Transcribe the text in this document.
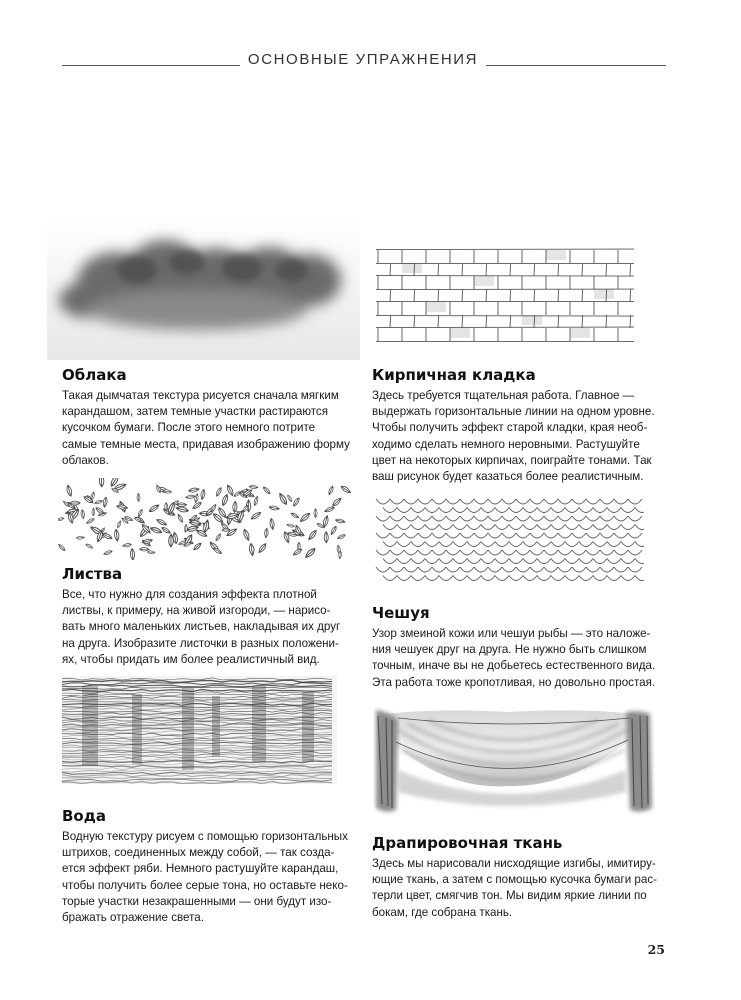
ОСНОВНЫЕ УПРАЖНЕНИЯ
Облака
Такая дымчатая текстура рисуется сначала мягким
карандашом, затем темные участки растираются
кусочком бумаги. После этого немного потрите
самые темные места, придавая изображению форму
облаков.
Листва
Все, что нужно для создания эффекта плотной
листвы, к примеру, на живой изгороди, — нарисо-
вать много маленьких листьев, накладывая их друг
на друга. Изобразите листочки в разных положени-
ях, чтобы придать им более реалистичный вид.
Вода
Водную текстуру рисуем с помощью горизонтальных
штрихов, соединенных между собой, — так созда-
ется эффект ряби. Немного растушуйте карандаш,
чтобы получить более серые тона, но оставьте неко-
торые участки незакрашенными — они будут изо-
бражать отражение света.
Кирпичная кладка
Здесь требуется тщательная работа. Главное —
выдержать горизонтальные линии на одном уровне.
Чтобы получить эффект старой кладки, края необ-
ходимо сделать немного неровными. Растушуйте
цвет на некоторых кирпичах, поиграйте тонами. Так
ваш рисунок будет казаться более реалистичным.
Чешуя
Узор змеиной кожи или чешуи рыбы — это наложе-
ния чешуек друг на друга. Не нужно быть слишком
точным, иначе вы не добьетесь естественного вида.
Эта работа тоже кропотливая, но довольно простая.
Драпировочная ткань
Здесь мы нарисовали нисходящие изгибы, имитиру-
ющие ткань, а затем с помощью кусочка бумаги рас-
терли цвет, смягчив тон. Мы видим яркие линии по
бокам, где собрана ткань.
25
